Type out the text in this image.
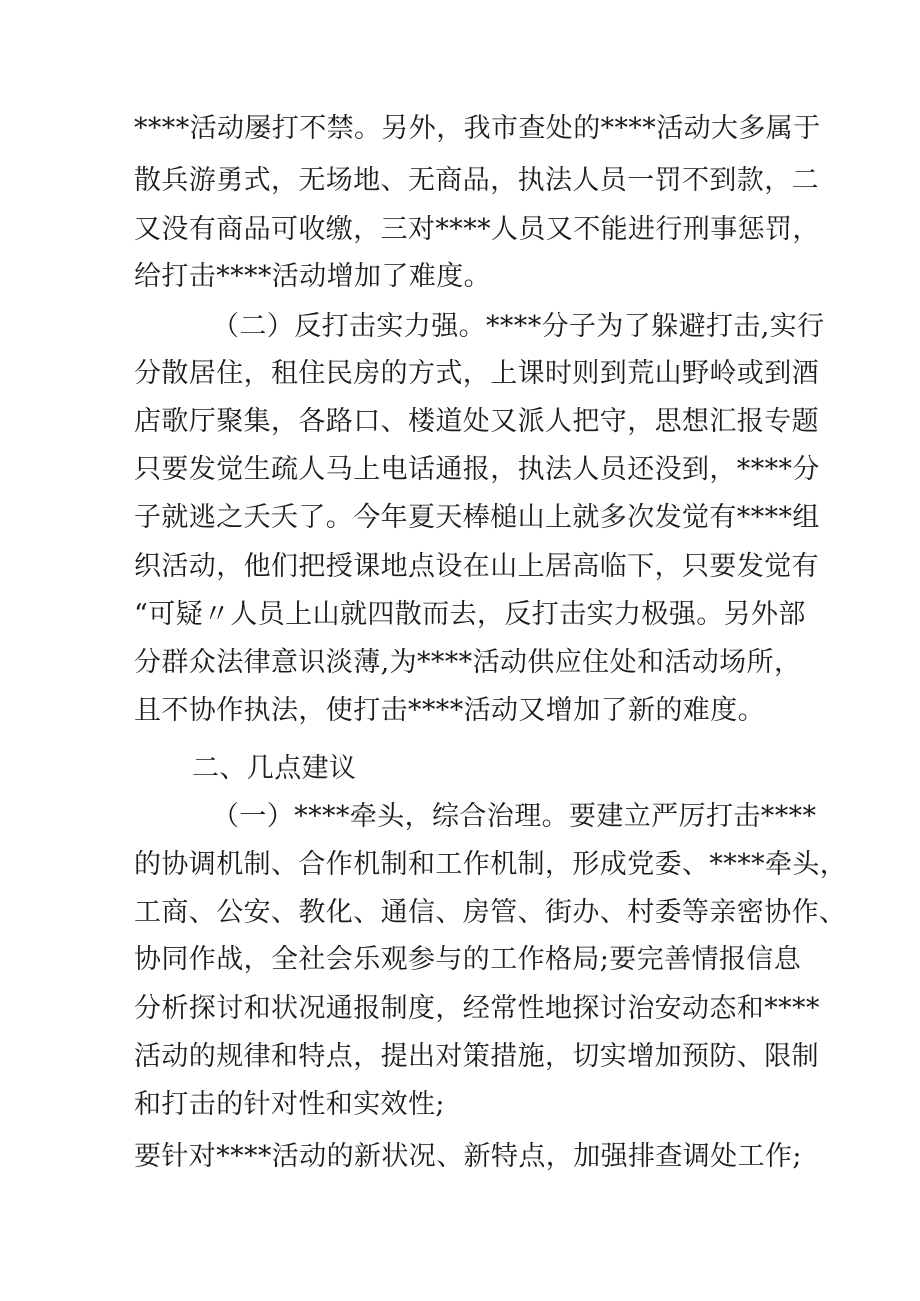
****活动屡打不禁。另外，我市查处的****活动大多属于
散兵游勇式，无场地、无商品，执法人员一罚不到款，二
又没有商品可收缴，三对****人员又不能进行刑事惩罚，
给打击****活动增加了难度。
（二）反打击实力强。****分子为了躲避打击,实行
分散居住，租住民房的方式，上课时则到荒山野岭或到酒
店歌厅聚集，各路口、楼道处又派人把守，思想汇报专题
只要发觉生疏人马上电话通报，执法人员还没到，****分
子就逃之夭夭了。今年夏天棒槌山上就多次发觉有****组
织活动，他们把授课地点设在山上居高临下，只要发觉有
“可疑〃人员上山就四散而去，反打击实力极强。另外部
分群众法律意识淡薄,为****活动供应住处和活动场所，
且不协作执法，使打击****活动又增加了新的难度。
二、几点建议
（一）****牵头，综合治理。要建立严厉打击****
的协调机制、合作机制和工作机制，形成党委、****牵头，
工商、公安、教化、通信、房管、街办、村委等亲密协作、
协同作战，全社会乐观参与的工作格局;要完善情报信息
分析探讨和状况通报制度，经常性地探讨治安动态和****
活动的规律和特点，提出对策措施，切实增加预防、限制
和打击的针对性和实效性;
要针对****活动的新状况、新特点，加强排查调处工作;
